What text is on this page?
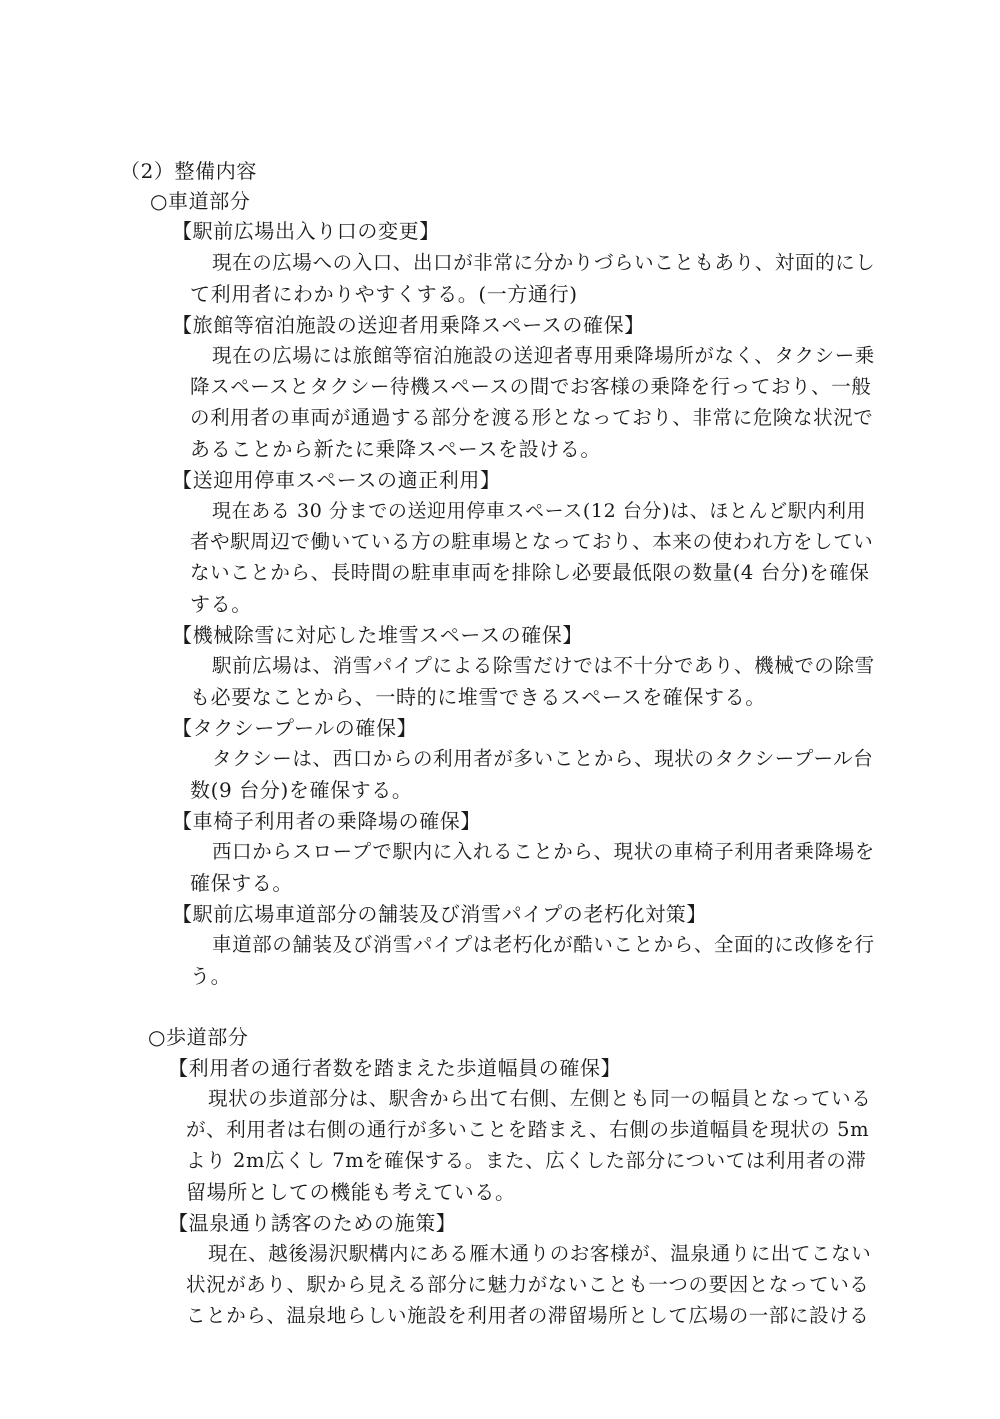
（2）整備内容
○車道部分
【駅前広場出入り口の変更】
現在の広場への入口、出口が非常に分かりづらいこともあり、対面的にし
て利用者にわかりやすくする。(一方通行)
【旅館等宿泊施設の送迎者用乗降スペースの確保】
現在の広場には旅館等宿泊施設の送迎者専用乗降場所がなく、タクシー乗
降スペースとタクシー待機スペースの間でお客様の乗降を行っており、一般
の利用者の車両が通過する部分を渡る形となっており、非常に危険な状況で
あることから新たに乗降スペースを設ける。
【送迎用停車スペースの適正利用】
現在ある 30 分までの送迎用停車スペース(12 台分)は、ほとんど駅内利用
者や駅周辺で働いている方の駐車場となっており、本来の使われ方をしてい
ないことから、長時間の駐車車両を排除し必要最低限の数量(4 台分)を確保
する。
【機械除雪に対応した堆雪スペースの確保】
駅前広場は、消雪パイプによる除雪だけでは不十分であり、機械での除雪
も必要なことから、一時的に堆雪できるスペースを確保する。
【タクシープールの確保】
タクシーは、西口からの利用者が多いことから、現状のタクシープール台
数(9 台分)を確保する。
【車椅子利用者の乗降場の確保】
西口からスロープで駅内に入れることから、現状の車椅子利用者乗降場を
確保する。
【駅前広場車道部分の舗装及び消雪パイプの老朽化対策】
車道部の舗装及び消雪パイプは老朽化が酷いことから、全面的に改修を行
う。
○歩道部分
【利用者の通行者数を踏まえた歩道幅員の確保】
現状の歩道部分は、駅舎から出て右側、左側とも同一の幅員となっている
が、利用者は右側の通行が多いことを踏まえ、右側の歩道幅員を現状の 5m
より 2m広くし 7mを確保する。また、広くした部分については利用者の滞
留場所としての機能も考えている。
【温泉通り誘客のための施策】
現在、越後湯沢駅構内にある雁木通りのお客様が、温泉通りに出てこない
状況があり、駅から見える部分に魅力がないことも一つの要因となっている
ことから、温泉地らしい施設を利用者の滞留場所として広場の一部に設ける
